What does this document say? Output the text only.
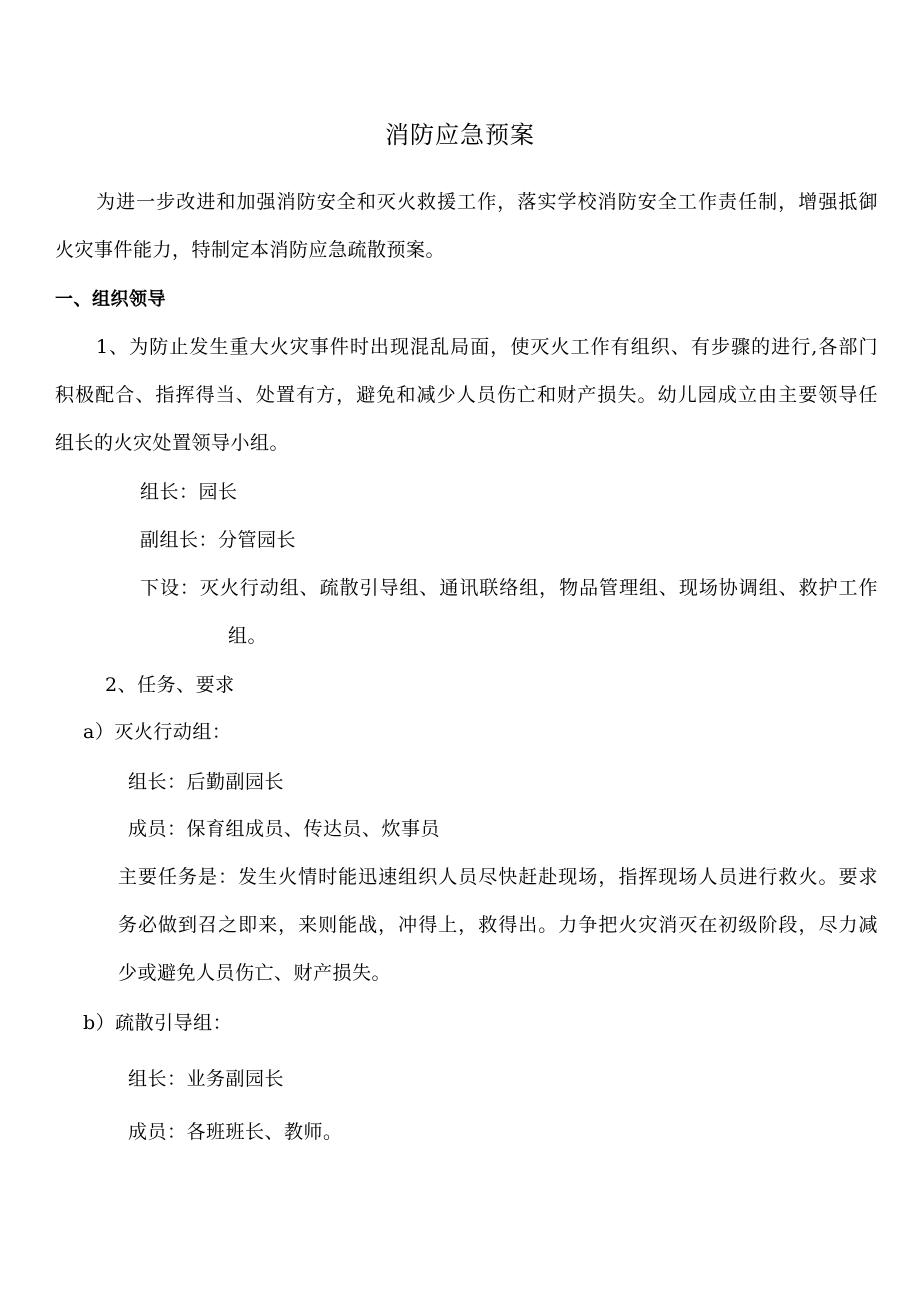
消防应急预案
为进一步改进和加强消防安全和灭火救援工作，落实学校消防安全工作责任制，增强抵御
火灾事件能力，特制定本消防应急疏散预案。
一、组织领导
1、为防止发生重大火灾事件时出现混乱局面，使灭火工作有组织、有步骤的进行,各部门
积极配合、指挥得当、处置有方，避免和减少人员伤亡和财产损失。幼儿园成立由主要领导任
组长的火灾处置领导小组。
组长：园长
副组长：分管园长
下设：灭火行动组、疏散引导组、通讯联络组，物品管理组、现场协调组、救护工作
组。
2、任务、要求
a）灭火行动组：
组长：后勤副园长
成员：保育组成员、传达员、炊事员
主要任务是：发生火情时能迅速组织人员尽快赶赴现场，指挥现场人员进行救火。要求
务必做到召之即来，来则能战，冲得上，救得出。力争把火灾消灭在初级阶段，尽力减
少或避免人员伤亡、财产损失。
b）疏散引导组：
组长：业务副园长
成员：各班班长、教师。
